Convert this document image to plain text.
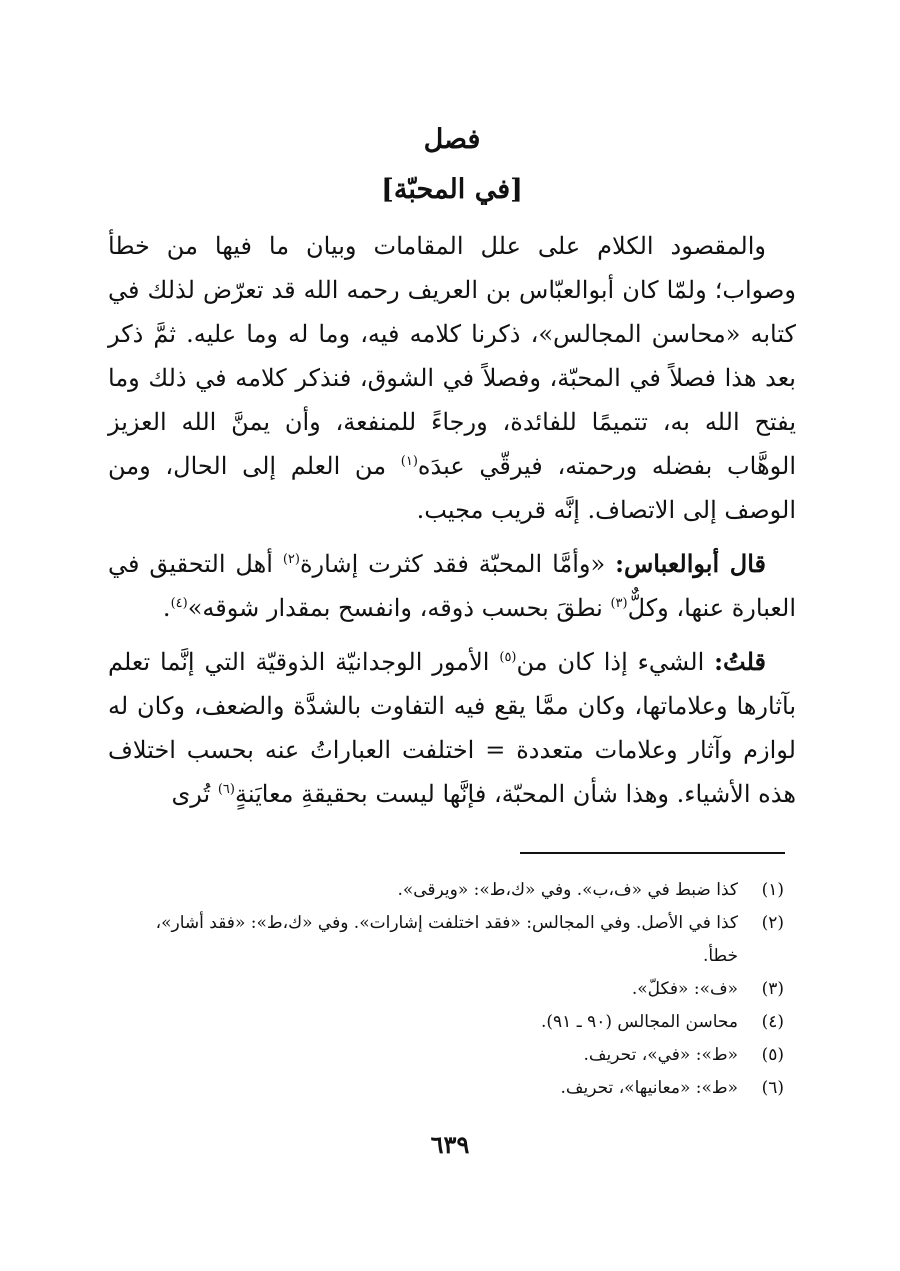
فصل
[في المحبّة]

والمقصود الكلام على علل المقامات وبيان ما فيها من خطأ وصواب؛ ولمّا كان أبوالعبّاس بن العريف رحمه الله قد تعرّض لذلك في كتابه «محاسن المجالس»، ذكرنا كلامه فيه، وما له وما عليه. ثمَّ ذكر بعد هذا فصلاً في المحبّة، وفصلاً في الشوق، فنذكر كلامه في ذلك وما يفتح الله به، تتميمًا للفائدة، ورجاءً للمنفعة، وأن يمنَّ الله العزيز الوهَّاب بفضله ورحمته، فيرقّي عبدَه$^{(١)}$ من العلم إلى الحال، ومن الوصف إلى الاتصاف. إنَّه قريب مجيب.

قال أبوالعباس: «وأمَّا المحبّة فقد كثرت إشارة$^{(٢)}$ أهل التحقيق في العبارة عنها، وكلٌّ$^{(٣)}$ نطقَ بحسب ذوقه، وانفسح بمقدار شوقه»$^{(٤)}$.

قلتُ: الشيء إذا كان من$^{(٥)}$ الأمور الوجدانيّة الذوقيّة التي إنَّما تعلم بآثارها وعلاماتها، وكان ممَّا يقع فيه التفاوت بالشدَّة والضعف، وكان له لوازم وآثار وعلامات متعددة = اختلفت العباراتُ عنه بحسب اختلاف هذه الأشياء. وهذا شأن المحبّة، فإنَّها ليست بحقيقةِ معايَنةٍ$^{(٦)}$ تُرى

(١)
كذا ضبط في «ف،ب». وفي «ك،ط»: «ويرقى».
(٢)
كذا في الأصل. وفي المجالس: «فقد اختلفت إشارات». وفي «ك،ط»: «فقد أشار»، خطأ.
(٣)
«ف»: «فكلّ».
(٤)
محاسن المجالس (٩٠ ـ ٩١).
(٥)
«ط»: «في»، تحريف.
(٦)
«ط»: «معانيها»، تحريف.
٦٣٩
